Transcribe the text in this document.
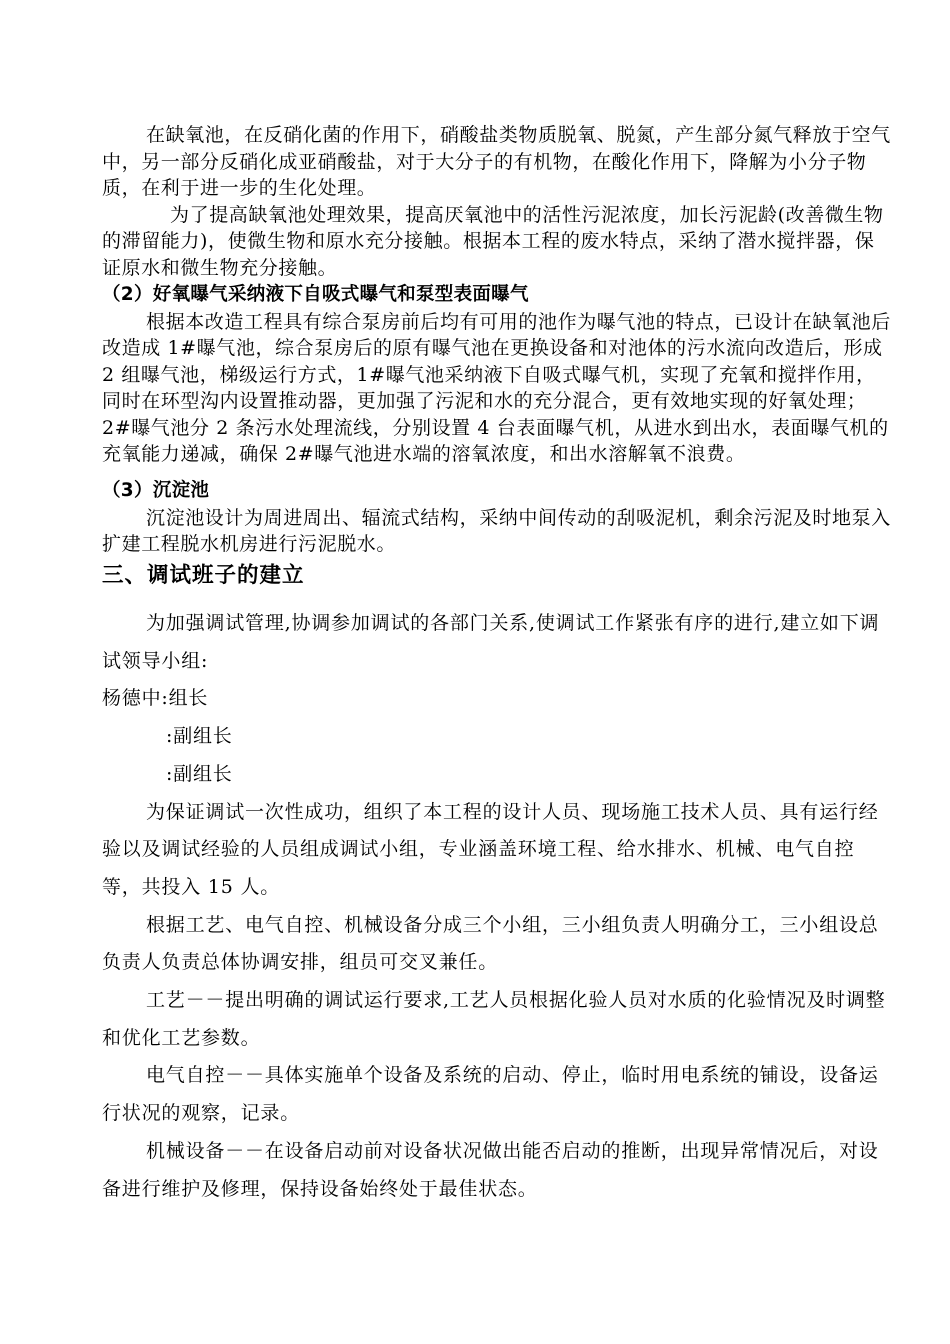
在缺氧池，在反硝化菌的作用下，硝酸盐类物质脱氧、脱氮，产生部分氮气释放于空气中，另一部分反硝化成亚硝酸盐，对于大分子的有机物，在酸化作用下，降解为小分子物质，在利于进一步的生化处理。

为了提高缺氧池处理效果，提高厌氧池中的活性污泥浓度，加长污泥龄(改善微生物的滞留能力)，使微生物和原水充分接触。根据本工程的废水特点，采纳了潜水搅拌器，保证原水和微生物充分接触。

（2）好氧曝气采纳液下自吸式曝气和泵型表面曝气

根据本改造工程具有综合泵房前后均有可用的池作为曝气池的特点，已设计在缺氧池后改造成 1#曝气池，综合泵房后的原有曝气池在更换设备和对池体的污水流向改造后，形成 2 组曝气池，梯级运行方式，1#曝气池采纳液下自吸式曝气机，实现了充氧和搅拌作用，同时在环型沟内设置推动器，更加强了污泥和水的充分混合，更有效地实现的好氧处理；2#曝气池分 2 条污水处理流线，分别设置 4 台表面曝气机，从进水到出水，表面曝气机的充氧能力递减，确保 2#曝气池进水端的溶氧浓度，和出水溶解氧不浪费。

（3）沉淀池

沉淀池设计为周进周出、辐流式结构，采纳中间传动的刮吸泥机，剩余污泥及时地泵入扩建工程脱水机房进行污泥脱水。

三、调试班子的建立

为加强调试管理,协调参加调试的各部门关系,使调试工作紧张有序的进行,建立如下调试领导小组:

杨德中:组长

:副组长

:副组长

为保证调试一次性成功，组织了本工程的设计人员、现场施工技术人员、具有运行经验以及调试经验的人员组成调试小组，专业涵盖环境工程、给水排水、机械、电气自控等，共投入 15 人。

根据工艺、电气自控、机械设备分成三个小组，三小组负责人明确分工，三小组设总负责人负责总体协调安排，组员可交叉兼任。

工艺－－提出明确的调试运行要求,工艺人员根据化验人员对水质的化验情况及时调整和优化工艺参数。

电气自控－－具体实施单个设备及系统的启动、停止，临时用电系统的铺设，设备运行状况的观察，记录。

机械设备－－在设备启动前对设备状况做出能否启动的推断，出现异常情况后，对设备进行维护及修理，保持设备始终处于最佳状态。
